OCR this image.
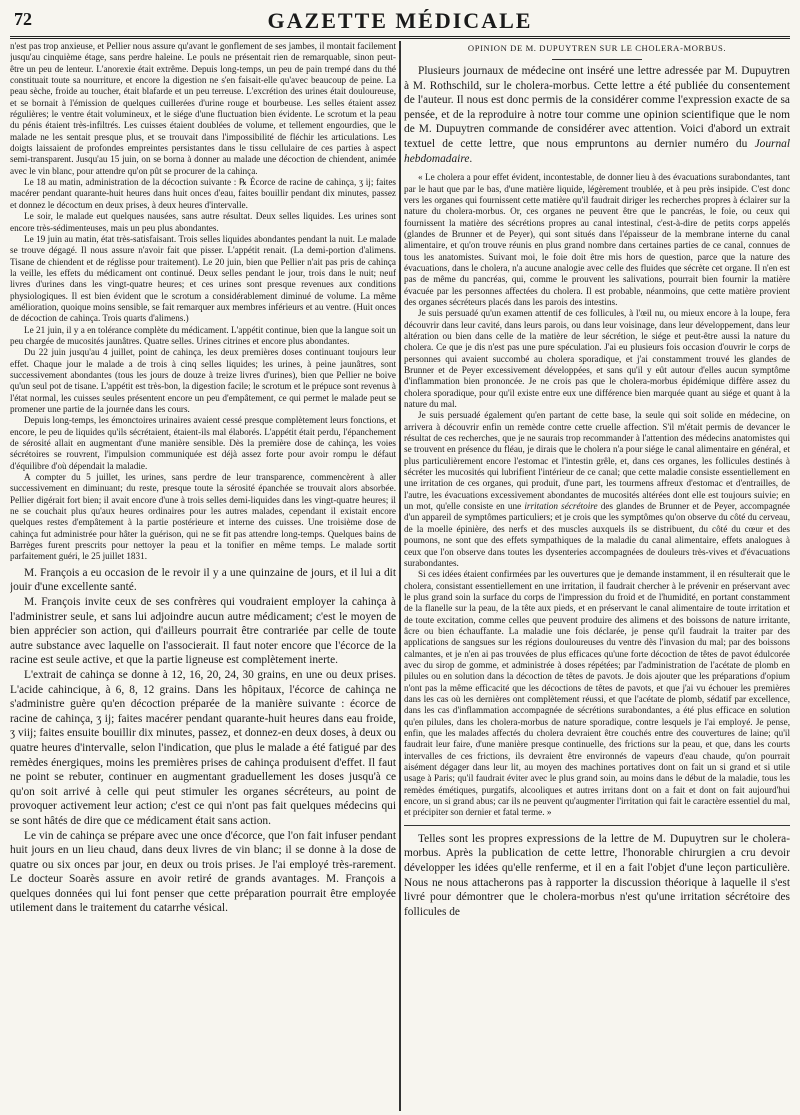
72	GAZETTE MÉDICALE

n'est pas trop anxieuse, et Pellier nous assure qu'avant le gonflement de ses jambes, il montait facilement jusqu'au cinquième étage, sans perdre haleine. Le pouls ne présentait rien de remarquable, sinon peut-être un peu de lenteur. L'anorexie était extrême. Depuis long-temps, un peu de pain trempé dans du thé constituait toute sa nourriture, et encore la digestion ne s'en faisait-elle qu'avec beaucoup de peine. La peau sèche, froide au toucher, était blafarde et un peu terreuse. L'excrétion des urines était douloureuse, et se bornait à l'émission de quelques cuillerées d'urine rouge et bourbeuse. Les selles étaient assez régulières; le ventre était volumineux, et le siége d'une fluctuation bien évidente. Le scrotum et la peau du pénis étaient très-infiltrés. Les cuisses étaient doublées de volume, et tellement engourdies, que le malade ne les sentait presque plus, et se trouvait dans l'impossibilité de fléchir les articulations. Les doigts laissaient de profondes empreintes persistantes dans le tissu cellulaire de ces parties à aspect semi-transparent. Jusqu'au 15 juin, on se borna à donner au malade une décoction de chiendent, animée avec le vin blanc, pour attendre qu'on pût se procurer de la cahinça.

Le 18 au matin, administration de la décoction suivante : ℞ Écorce de racine de cahinça, ʒ ij; faites macérer pendant quarante-huit heures dans huit onces d'eau, faites bouillir pendant dix minutes, passez et donnez le décoctum en deux prises, à deux heures d'intervalle.

Le soir, le malade eut quelques nausées, sans autre résultat. Deux selles liquides. Les urines sont encore très-sédimenteuses, mais un peu plus abondantes.

Le 19 juin au matin, état très-satisfaisant. Trois selles liquides abondantes pendant la nuit. Le malade se trouve dégagé. Il nous assure n'avoir fait que pisser. L'appétit renait. (La demi-portion d'alimens. Tisane de chiendent et de réglisse pour traitement). Le 20 juin, bien que Pellier n'ait pas pris de cahinça la veille, les effets du médicament ont continué. Deux selles pendant le jour, trois dans le nuit; neuf livres d'urines dans les vingt-quatre heures; et ces urines sont presque revenues aux conditions physiologiques. Il est bien évident que le scrotum a considérablement diminué de volume. La même amélioration, quoique moins sensible, se fait remarquer aux membres inférieurs et au ventre. (Huit onces de décoction de cahinça. Trois quarts d'alimens.)

Le 21 juin, il y a en tolérance complète du médicament. L'appétit continue, bien que la langue soit un peu chargée de mucosités jaunâtres. Quatre selles. Urines citrines et encore plus abondantes.

Du 22 juin jusqu'au 4 juillet, point de cahinça, les deux premières doses continuant toujours leur effet. Chaque jour le malade a de trois à cinq selles liquides; les urines, à peine jaunâtres, sont successivement abondantes (tous les jours de douze à treize livres d'urines), bien que Pellier ne boive qu'un seul pot de tisane. L'appétit est très-bon, la digestion facile; le scrotum et le prépuce sont revenus à l'état normal, les cuisses seules présentent encore un peu d'empâtement, ce qui permet le malade peut se promener une partie de la journée dans les cours.

Depuis long-temps, les émonctoires urinaires avaient cessé presque complètement leurs fonctions, et encore, le peu de liquides qu'ils sécrétaient, étaient-ils mal élaborés. L'appétit était perdu, l'épanchement de sérosité allait en augmentant d'une manière sensible. Dès la première dose de cahinça, les voies sécrétoires se rouvrent, l'impulsion communiquée est déjà assez forte pour avoir rompu le défaut d'équilibre d'où dépendait la maladie.

A compter du 5 juillet, les urines, sans perdre de leur transparence, commencèrent à aller successivement en diminuant; du reste, presque toute la sérosité épanchée se trouvait alors absorbée. Pellier digérait fort bien; il avait encore d'une à trois selles demi-liquides dans les vingt-quatre heures; il ne se couchait plus qu'aux heures ordinaires pour les autres malades, cependant il existait encore quelques restes d'empâtement à la partie postérieure et interne des cuisses. Une troisième dose de cahinça fut administrée pour hâter la guérison, qui ne se fit pas attendre long-temps. Quelques bains de Barrèges furent prescrits pour nettoyer la peau et la tonifier en même temps. Le malade sortit parfaitement guéri, le 25 juillet 1831.

M. François a eu occasion de le revoir il y a une quinzaine de jours, et il lui a dit jouir d'une excellente santé.

M. François invite ceux de ses confrères qui voudraient employer la cahinça à l'administrer seule, et sans lui adjoindre aucun autre médicament; c'est le moyen de bien apprécier son action, qui d'ailleurs pourrait être contrariée par celle de toute autre substance avec laquelle on l'associerait. Il faut noter encore que l'écorce de la racine est seule active, et que la partie ligneuse est complètement inerte.

L'extrait de cahinça se donne à 12, 16, 20, 24, 30 grains, en une ou deux prises. L'acide cahincique, à 6, 8, 12 grains. Dans les hôpitaux, l'écorce de cahinça ne s'administre guère qu'en décoction préparée de la manière suivante : écorce de racine de cahinça, ʒ ij; faites macérer pendant quarante-huit heures dans eau froide, ʒ viij; faites ensuite bouillir dix minutes, passez, et donnez-en deux doses, à deux ou quatre heures d'intervalle, selon l'indication, que plus le malade a été fatigué par des remèdes énergiques, moins les premières prises de cahinça produisent d'effet. Il faut ne point se rebuter, continuer en augmentant graduellement les doses jusqu'à ce qu'on soit arrivé à celle qui peut stimuler les organes sécréteurs, au point de provoquer activement leur action; c'est ce qui n'ont pas fait quelques médecins qui se sont hâtés de dire que ce médicament était sans action.

Le vin de cahinça se prépare avec une once d'écorce, que l'on fait infuser pendant huit jours en un lieu chaud, dans deux livres de vin blanc; il se donne à la dose de quatre ou six onces par jour, en deux ou trois prises. Je l'ai employé très-rarement. Le docteur Soarès assure en avoir retiré de grands avantages. M. François a quelques données qui lui font penser que cette préparation pourrait être employée utilement dans le traitement du catarrhe vésical.

OPINION DE M. DUPUYTREN SUR LE CHOLERA-MORBUS.

Plusieurs journaux de médecine ont inséré une lettre adressée par M. Dupuytren à M. Rothschild, sur le cholera-morbus. Cette lettre a été publiée du consentement de l'auteur. Il nous est donc permis de la considérer comme l'expression exacte de sa pensée, et de la reproduire à notre tour comme une opinion scientifique que le nom de M. Dupuytren commande de considérer avec attention. Voici d'abord un extrait textuel de cette lettre, que nous empruntons au dernier numéro du Journal hebdomadaire.

« Le cholera a pour effet évident, incontestable, de donner lieu à des évacuations surabondantes, tant par le haut que par le bas, d'une matière liquide, légèrement troublée, et à peu près insipide. C'est donc vers les organes qui fournissent cette matière qu'il faudrait diriger les recherches propres à éclairer sur la nature du cholera-morbus. Or, ces organes ne peuvent être que le pancréas, le foie, ou ceux qui fournissent la matière des sécrétions propres au canal intestinal, c'est-à-dire de petits corps appelés (glandes de Brunner et de Peyer), qui sont situés dans l'épaisseur de la membrane interne du canal alimentaire, et qu'on trouve réunis en plus grand nombre dans certaines parties de ce canal, connues de tous les anatomistes. Suivant moi, le foie doit être mis hors de question, parce que la nature des évacuations, dans le cholera, n'a aucune analogie avec celle des fluides que sécrète cet organe. Il n'en est pas de même du pancréas, qui, comme le prouvent les salivations, pourrait bien fournir la matière évacuée par les personnes affectées du cholera. Il est probable, néanmoins, que cette matière provient des organes sécréteurs placés dans les parois des intestins.

Je suis persuadé qu'un examen attentif de ces follicules, à l'œil nu, ou mieux encore à la loupe, fera découvrir dans leur cavité, dans leurs parois, ou dans leur voisinage, dans leur développement, dans leur altération ou bien dans celle de la matière de leur sécrétion, le siége et peut-être aussi la nature du cholera. Ce que je dis n'est pas une pure spéculation. J'ai eu plusieurs fois occasion d'ouvrir le corps de personnes qui avaient succombé au cholera sporadique, et j'ai constamment trouvé les glandes de Brunner et de Peyer excessivement développées, et sans qu'il y eût autour d'elles aucun symptôme d'inflammation bien prononcée. Je ne crois pas que le cholera-morbus épidémique diffère assez du cholera sporadique, pour qu'il existe entre eux une différence bien marquée quant au siége et quant à la nature du mal.

Je suis persuadé également qu'en partant de cette base, la seule qui soit solide en médecine, on arrivera à découvrir enfin un remède contre cette cruelle affection. S'il m'était permis de devancer le résultat de ces recherches, que je ne saurais trop recommander à l'attention des médecins anatomistes qui se trouvent en présence du fléau, je dirais que le cholera n'a pour siége le canal alimentaire en général, et plus particulièrement encore l'estomac et l'intestin grêle, et, dans ces organes, les follicules destinés à sécréter les mucosités qui lubrifient l'intérieur de ce canal; que cette maladie consiste essentiellement en une irritation de ces organes, qui produit, d'une part, les tourmens affreux d'estomac et d'entrailles, de l'autre, les évacuations excessivement abondantes de mucosités altérées dont elle est toujours suivie; en un mot, qu'elle consiste en une irritation sécrétoire des glandes de Brunner et de Peyer, accompagnée d'un appareil de symptômes particuliers; et je crois que les symptômes qu'on observe du côté du cerveau, de la moelle épinière, des nerfs et des muscles auxquels ils se distribuent, du côté du cœur et des poumons, ne sont que des effets sympathiques de la maladie du canal alimentaire, effets analogues à ceux que l'on observe dans toutes les dysenteries accompagnées de douleurs très-vives et d'évacuations surabondantes.

Si ces idées étaient confirmées par les ouvertures que je demande instamment, il en résulterait que le cholera, consistant essentiellement en une irritation, il faudrait chercher à le prévenir en préservant avec le plus grand soin la surface du corps de l'impression du froid et de l'humidité, en portant constamment de la flanelle sur la peau, de la tête aux pieds, et en préservant le canal alimentaire de toute irritation et de toute excitation, comme celles que peuvent produire des alimens et des boissons de nature irritante, âcre ou bien échauffante. La maladie une fois déclarée, je pense qu'il faudrait la traiter par des applications de sangsues sur les régions douloureuses du ventre dès l'invasion du mal; par des boissons calmantes, et je n'en ai pas trouvées de plus efficaces qu'une forte décoction de têtes de pavot édulcorée avec du sirop de gomme, et administrée à doses répétées; par l'administration de l'acétate de plomb en pilules ou en solution dans la décoction de têtes de pavots. Je dois ajouter que les préparations d'opium n'ont pas la même efficacité que les décoctions de têtes de pavots, et que j'ai vu échouer les premières dans les cas où les dernières ont complètement réussi, et que l'acétate de plomb, sédatif par excellence, dans les cas d'inflammation accompagnée de sécrétions surabondantes, a été plus efficace en solution qu'en pilules, dans les cholera-morbus de nature sporadique, contre lesquels je l'ai employé. Je pense, enfin, que les malades affectés du cholera devraient être couchés entre des couvertures de laine; qu'il faudrait leur faire, d'une manière presque continuelle, des frictions sur la peau, et que, dans les courts intervalles de ces frictions, ils devraient être environnés de vapeurs d'eau chaude, qu'on pourrait aisément dégager dans leur lit, au moyen des machines portatives dont on fait un si grand et si utile usage à Paris; qu'il faudrait éviter avec le plus grand soin, au moins dans le début de la maladie, tous les remèdes émétiques, purgatifs, alcooliques et autres irritans dont on a fait et dont on fait aujourd'hui encore, un si grand abus; car ils ne peuvent qu'augmenter l'irritation qui fait le caractère essentiel du mal, et précipiter son dernier et fatal terme. »

Telles sont les propres expressions de la lettre de M. Dupuytren sur le cholera-morbus. Après la publication de cette lettre, l'honorable chirurgien a cru devoir développer les idées qu'elle renferme, et il en a fait l'objet d'une leçon particulière. Nous ne nous attacherons pas à rapporter la discussion théorique à laquelle il s'est livré pour démontrer que le cholera-morbus n'est qu'une irritation sécrétoire des follicules de
